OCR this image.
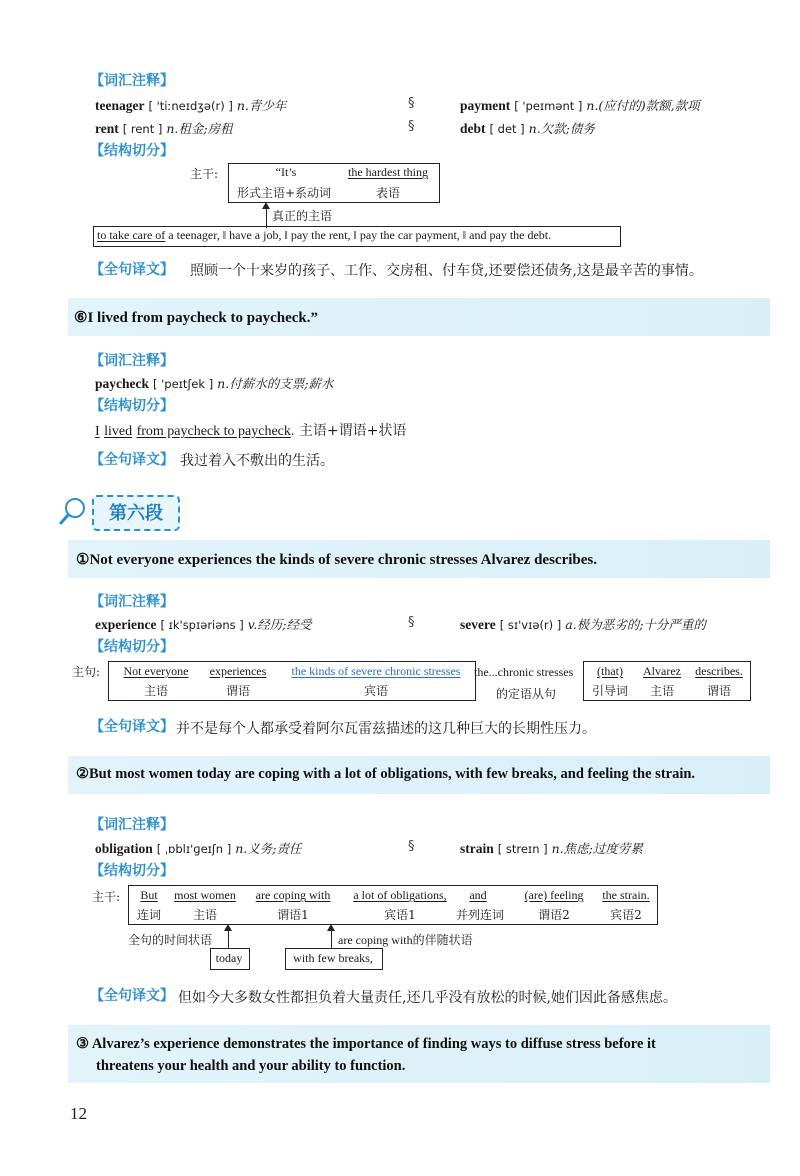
【词汇注释】
teenager [ 'tiːneɪdʒə(r) ] n.青少年	§	payment [ 'peɪmənt ] n.(应付的)款额,款项
rent [ rent ] n.租金;房租	§	debt [ det ] n.欠款;债务
【结构切分】
主干:	“It’s	the hardest thing
形式主语+系动词	表语
真正的主语
to take care of a teenager, ‖ have a job, ‖ pay the rent, ‖ pay the car payment, ‖ and pay the debt.
【全句译文】 照顾一个十来岁的孩子、工作、交房租、付车贷,还要偿还债务,这是最辛苦的事情。
⑥I lived from paycheck to paycheck.”
【词汇注释】
paycheck [ 'peɪtʃek ] n.付薪水的支票;薪水
【结构切分】
I lived from paycheck to paycheck. 主语+谓语+状语
【全句译文】 我过着入不敷出的生活。
第六段
①Not everyone experiences the kinds of severe chronic stresses Alvarez describes.
【词汇注释】
experience [ ɪk'spɪəriəns ] v.经历;经受	§	severe [ sɪ'vɪə(r) ] a.极为恶劣的;十分严重的
【结构切分】
主句:	Not everyone	experiences	the kinds of severe chronic stresses
主语	谓语	宾语
the...chronic stresses
的定语从句
(that)	Alvarez	describes.
引导词	主语	谓语
【全句译文】 并不是每个人都承受着阿尔瓦雷兹描述的这几种巨大的长期性压力。
②But most women today are coping with a lot of obligations, with few breaks, and feeling the strain.
【词汇注释】
obligation [ ˌɒblɪ'ɡeɪʃn ] n.义务;责任	§	strain [ streɪn ] n.焦虑;过度劳累
【结构切分】
主干:	But	most women	are coping with	a lot of obligations,	and	(are) feeling	the strain.
连词	主语	谓语1	宾语1	并列连词	谓语2	宾语2
全句的时间状语
today
are coping with的伴随状语
with few breaks,
【全句译文】 但如今大多数女性都担负着大量责任,还几乎没有放松的时候,她们因此备感焦虑。
③ Alvarez’s experience demonstrates the importance of finding ways to diffuse stress before it
threatens your health and your ability to function.
12
